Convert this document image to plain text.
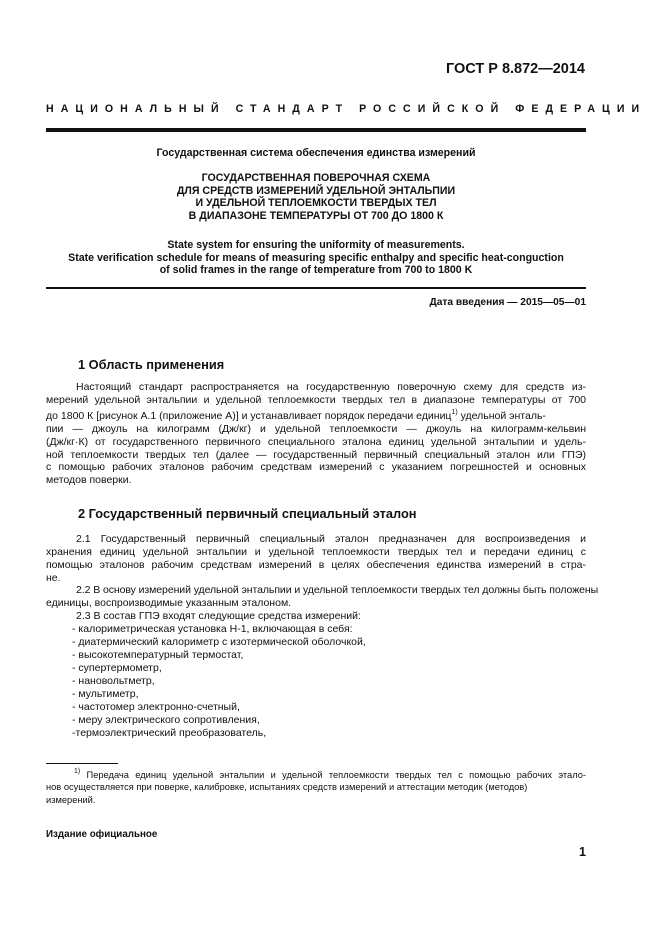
ГОСТ Р 8.872—2014
НАЦИОНАЛЬНЫЙ СТАНДАРТ РОССИЙСКОЙ ФЕДЕРАЦИИ
Государственная система обеспечения единства измерений
ГОСУДАРСТВЕННАЯ ПОВЕРОЧНАЯ СХЕМА
ДЛЯ СРЕДСТВ ИЗМЕРЕНИЙ УДЕЛЬНОЙ ЭНТАЛЬПИИ
И УДЕЛЬНОЙ ТЕПЛОЕМКОСТИ ТВЕРДЫХ ТЕЛ
В ДИАПАЗОНЕ ТЕМПЕРАТУРЫ ОТ 700 ДО 1800 К
State system for ensuring the uniformity of measurements.
State verification schedule for means of measuring specific enthalpy and specific heat-conguction
of solid frames in the range of temperature from 700 to 1800 K
Дата введения — 2015—05—01
1 Область применения
Настоящий стандарт распространяется на государственную поверочную схему для средств из-
мерений удельной энтальпии и удельной теплоемкости твердых тел в диапазоне температуры от 700
до 1800 К [рисунок А.1 (приложение А)] и устанавливает порядок передачи единиц$^{1)}$ удельной энталь-
пии — джоуль на килограмм (Дж/кг) и удельной теплоемкости — джоуль на килограмм-кельвин
(Дж/кг·К) от государственного первичного специального эталона единиц удельной энтальпии и удель-
ной теплоемкости твердых тел (далее — государственный первичный специальный эталон или ГПЭ)
с помощью рабочих эталонов рабочим средствам измерений с указанием погрешностей и основных
методов поверки.
2 Государственный первичный специальный эталон
2.1 Государственный первичный специальный эталон предназначен для воспроизведения и
хранения единиц удельной энтальпии и удельной теплоемкости твердых тел и передачи единиц с
помощью эталонов рабочим средствам измерений в целях обеспечения единства измерений в стра-
не.
2.2 В основу измерений удельной энтальпии и удельной теплоемкости твердых тел должны быть положены
единицы, воспроизводимые указанным эталоном.
2.3 В состав ГПЭ входят следующие средства измерений:
- калориметрическая установка Н-1, включающая в себя:
- диатермический калориметр с изотермической оболочкой,
- высокотемпературный термостат,
- супертермометр,
- нановольтметр,
- мультиметр,
- частотомер электронно-счетный,
- меру электрического сопротивления,
-термоэлектрический преобразователь,
$^{1)}$ Передача единиц удельной энтальпии и удельной теплоемкости твердых тел с помощью рабочих этало-
нов осуществляется при поверке, калибровке, испытаниях средств измерений и аттестации методик (методов)
измерений.
Издание официальное
1
